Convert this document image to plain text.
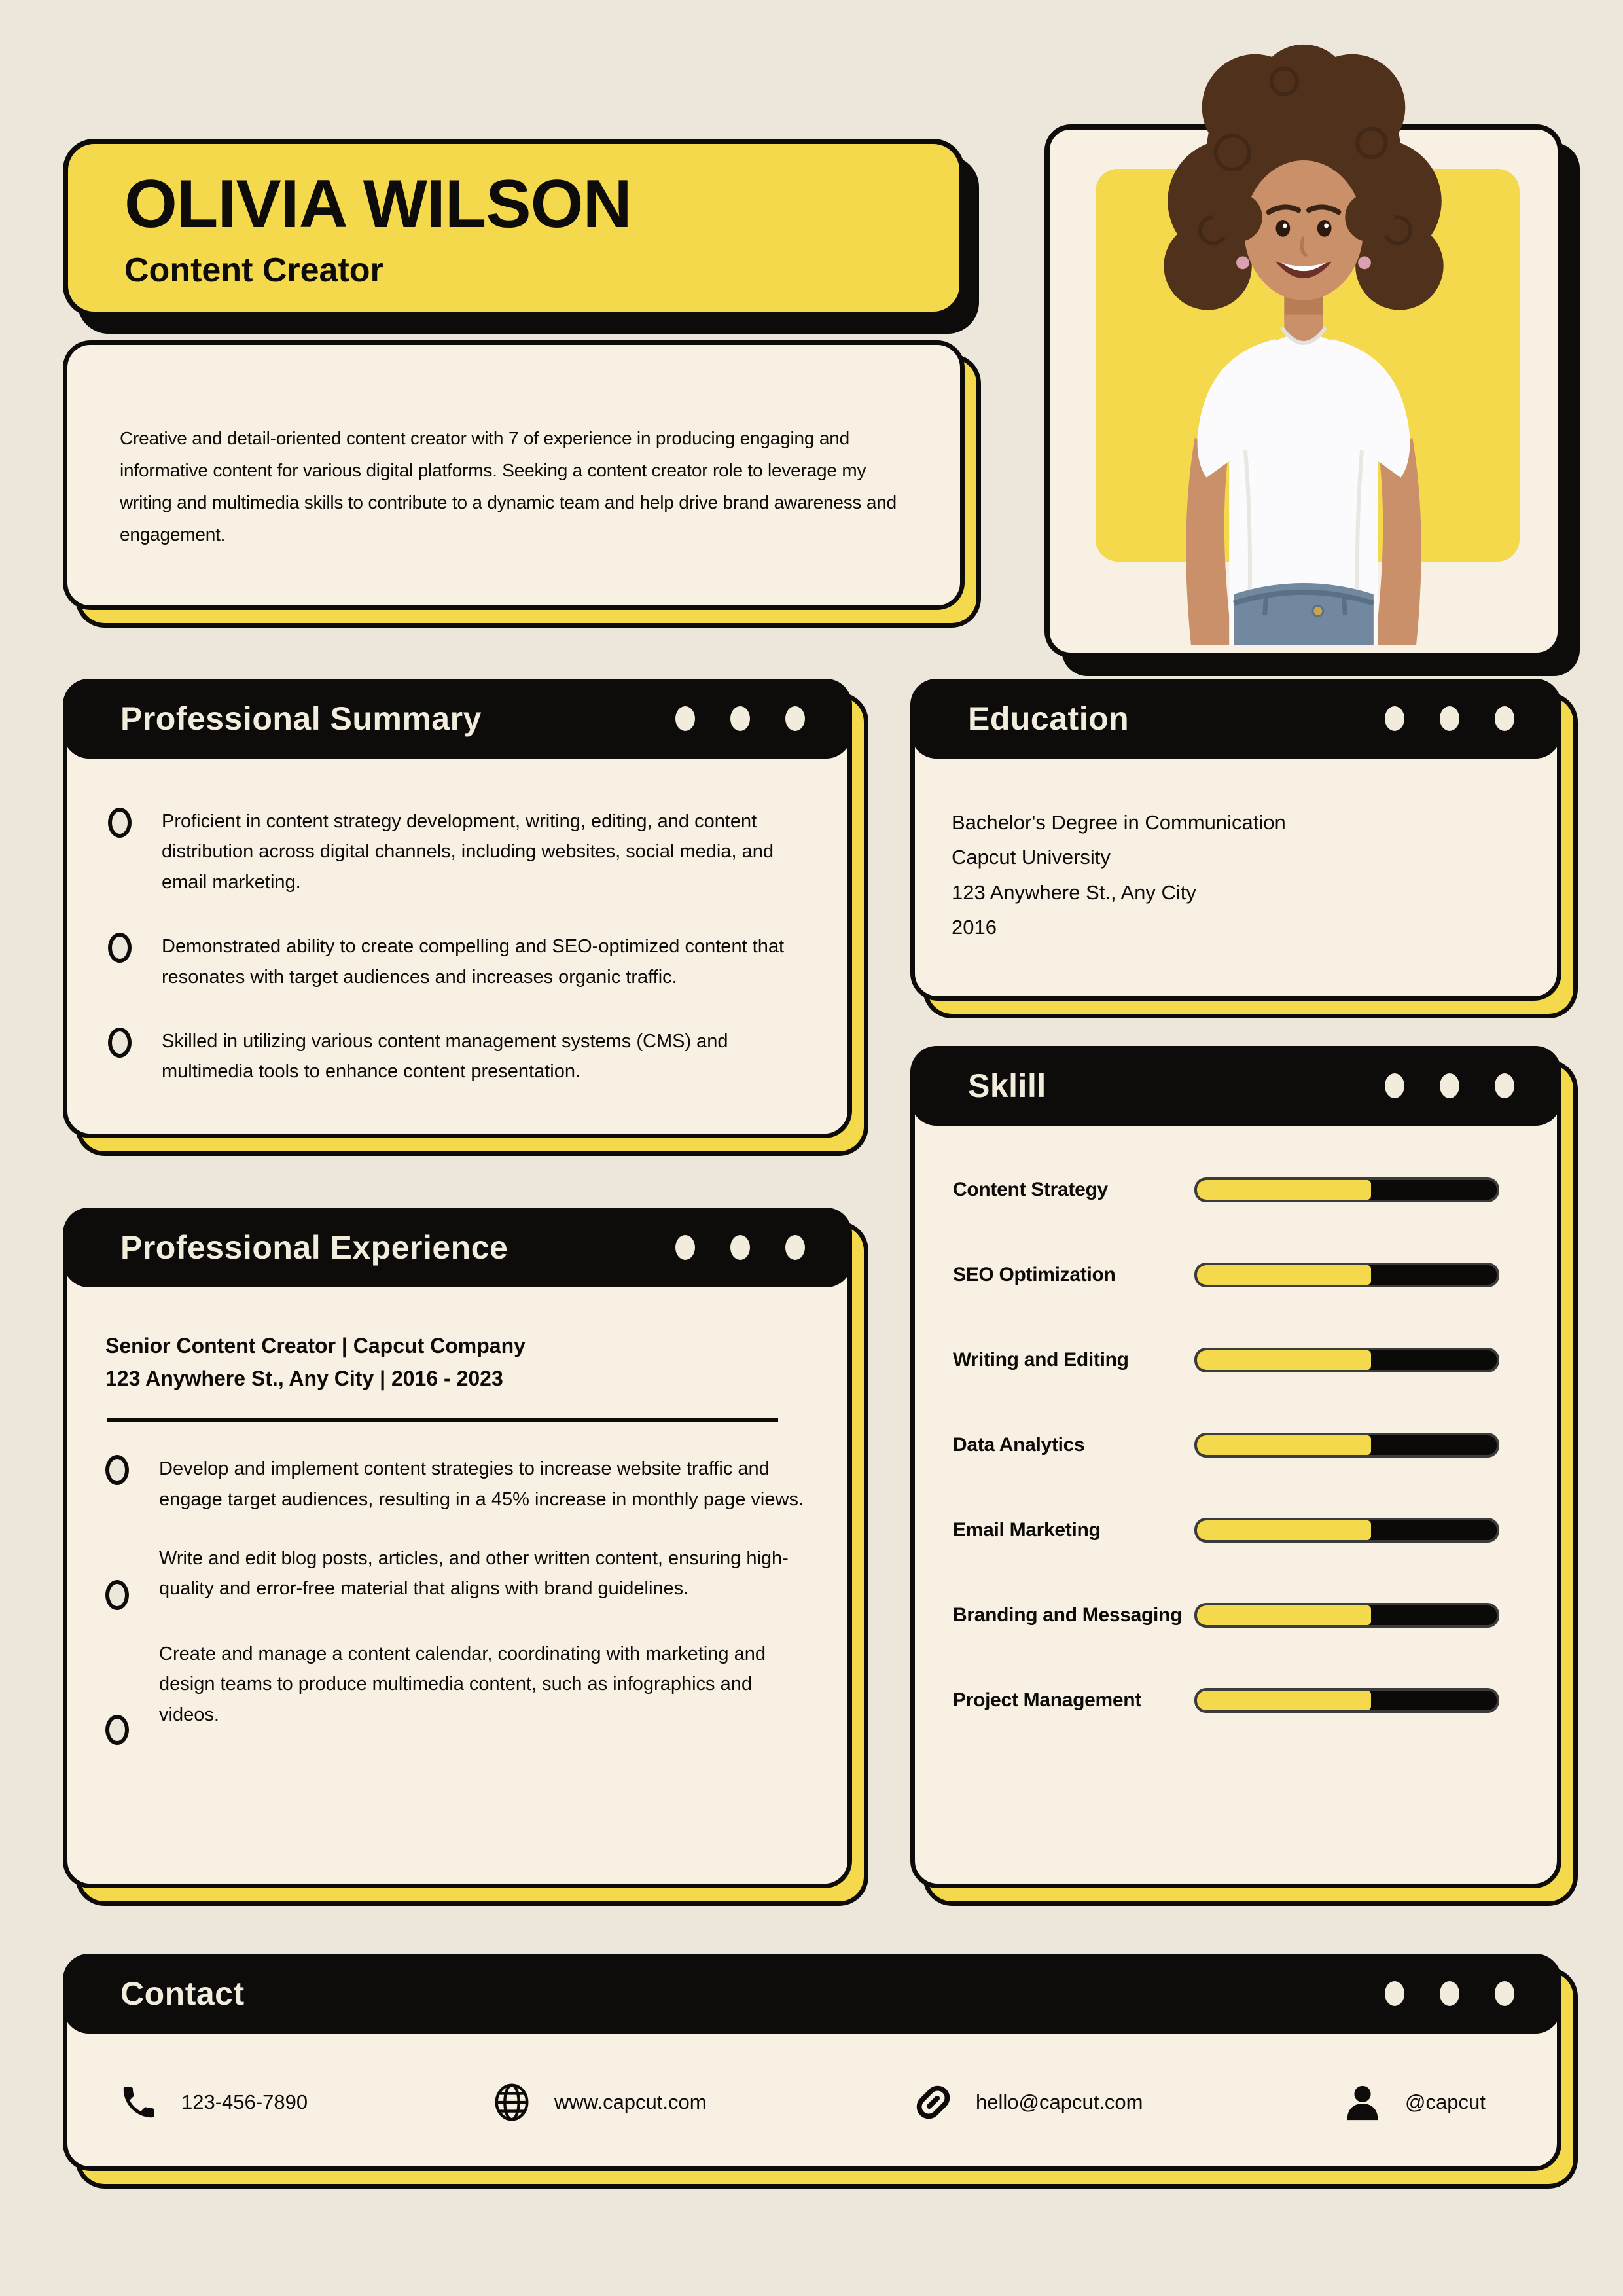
OLIVIA WILSON
Content Creator

Creative and detail-oriented content creator with 7 of experience in producing engaging and informative content for various digital platforms. Seeking a content creator role to leverage my writing and multimedia skills to contribute to a dynamic team and help drive brand awareness and engagement.

Professional Summary

Proficient in content strategy development, writing, editing, and content distribution across digital channels, including websites, social media, and email marketing.

Demonstrated ability to create compelling and SEO-optimized content that resonates with target audiences and increases organic traffic.

Skilled in utilizing various content management systems (CMS) and multimedia tools to enhance content presentation.

Education
Bachelor's Degree in Communication
Capcut University
123 Anywhere St., Any City
2016
Sklill
Content Strategy
SEO Optimization
Writing and Editing
Data Analytics
Email Marketing
Branding and Messaging
Project Management
Professional Experience
Senior Content Creator | Capcut Company
123 Anywhere St., Any City | 2016 - 2023

Develop and implement content strategies to increase website traffic and engage target audiences, resulting in a 45% increase in monthly page views.

Write and edit blog posts, articles, and other written content, ensuring high-quality and error-free material that aligns with brand guidelines.

Create and manage a content calendar, coordinating with marketing and design teams to produce multimedia content, such as infographics and videos.

Contact
123-456-7890	www.capcut.com	hello@capcut.com	@capcut
